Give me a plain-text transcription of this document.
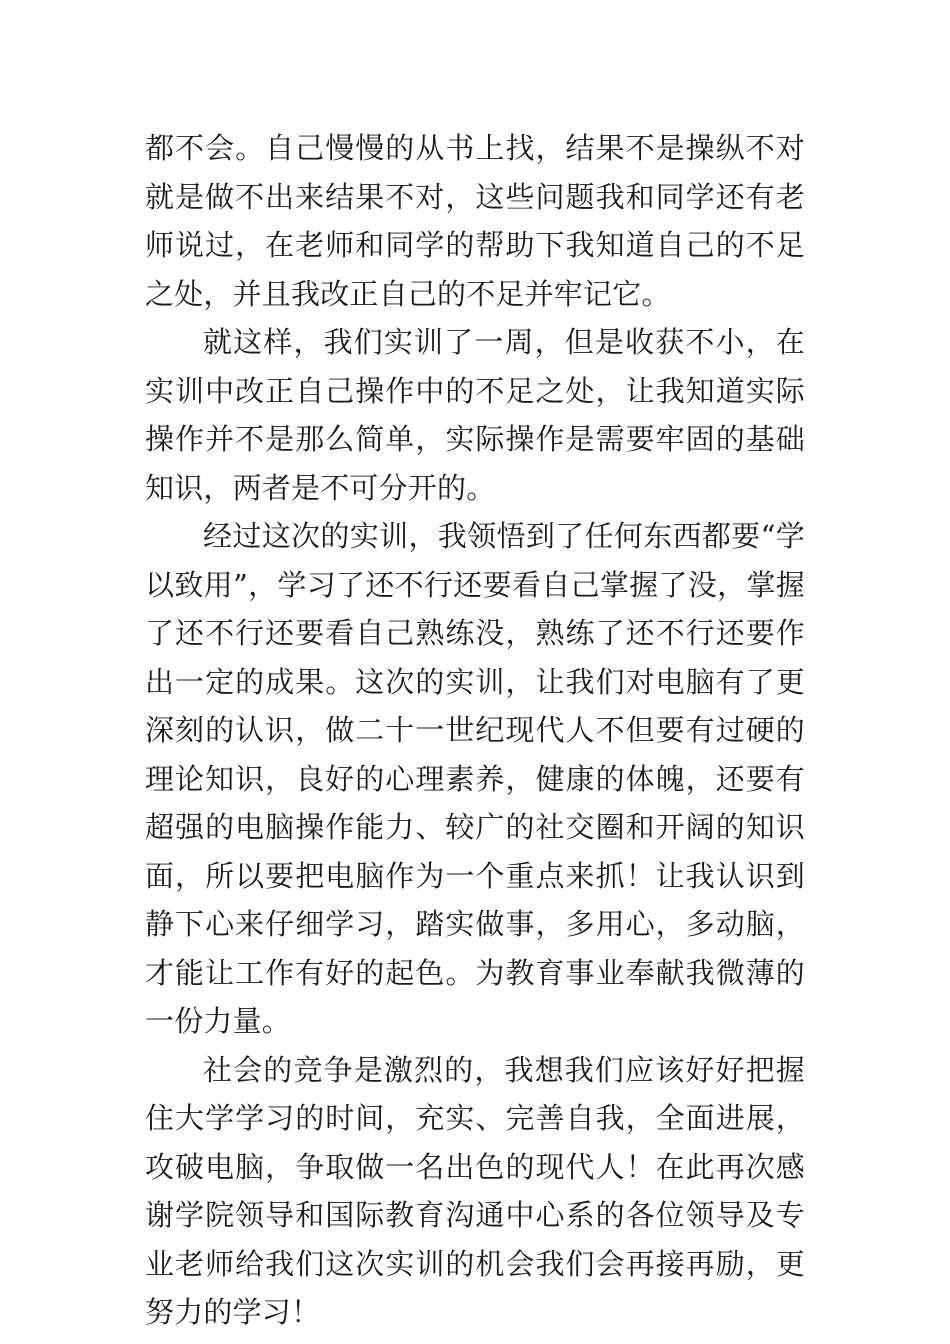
都不会。自己慢慢的从书上找，结果不是操纵不对就是做不出来结果不对，这些问题我和同学还有老师说过，在老师和同学的帮助下我知道自己的不足之处，并且我改正自己的不足并牢记它。

就这样，我们实训了一周，但是收获不小，在实训中改正自己操作中的不足之处，让我知道实际操作并不是那么简单，实际操作是需要牢固的基础知识，两者是不可分开的。

经过这次的实训，我领悟到了任何东西都要“学以致用”，学习了还不行还要看自己掌握了没，掌握了还不行还要看自己熟练没，熟练了还不行还要作出一定的成果。这次的实训，让我们对电脑有了更深刻的认识，做二十一世纪现代人不但要有过硬的理论知识，良好的心理素养，健康的体魄，还要有超强的电脑操作能力、较广的社交圈和开阔的知识面，所以要把电脑作为一个重点来抓！让我认识到静下心来仔细学习，踏实做事，多用心，多动脑，才能让工作有好的起色。为教育事业奉献我微薄的一份力量。

社会的竞争是激烈的，我想我们应该好好把握住大学学习的时间，充实、完善自我，全面进展，攻破电脑，争取做一名出色的现代人！在此再次感谢学院领导和国际教育沟通中心系的各位领导及专业老师给我们这次实训的机会我们会再接再励，更努力的学习！
